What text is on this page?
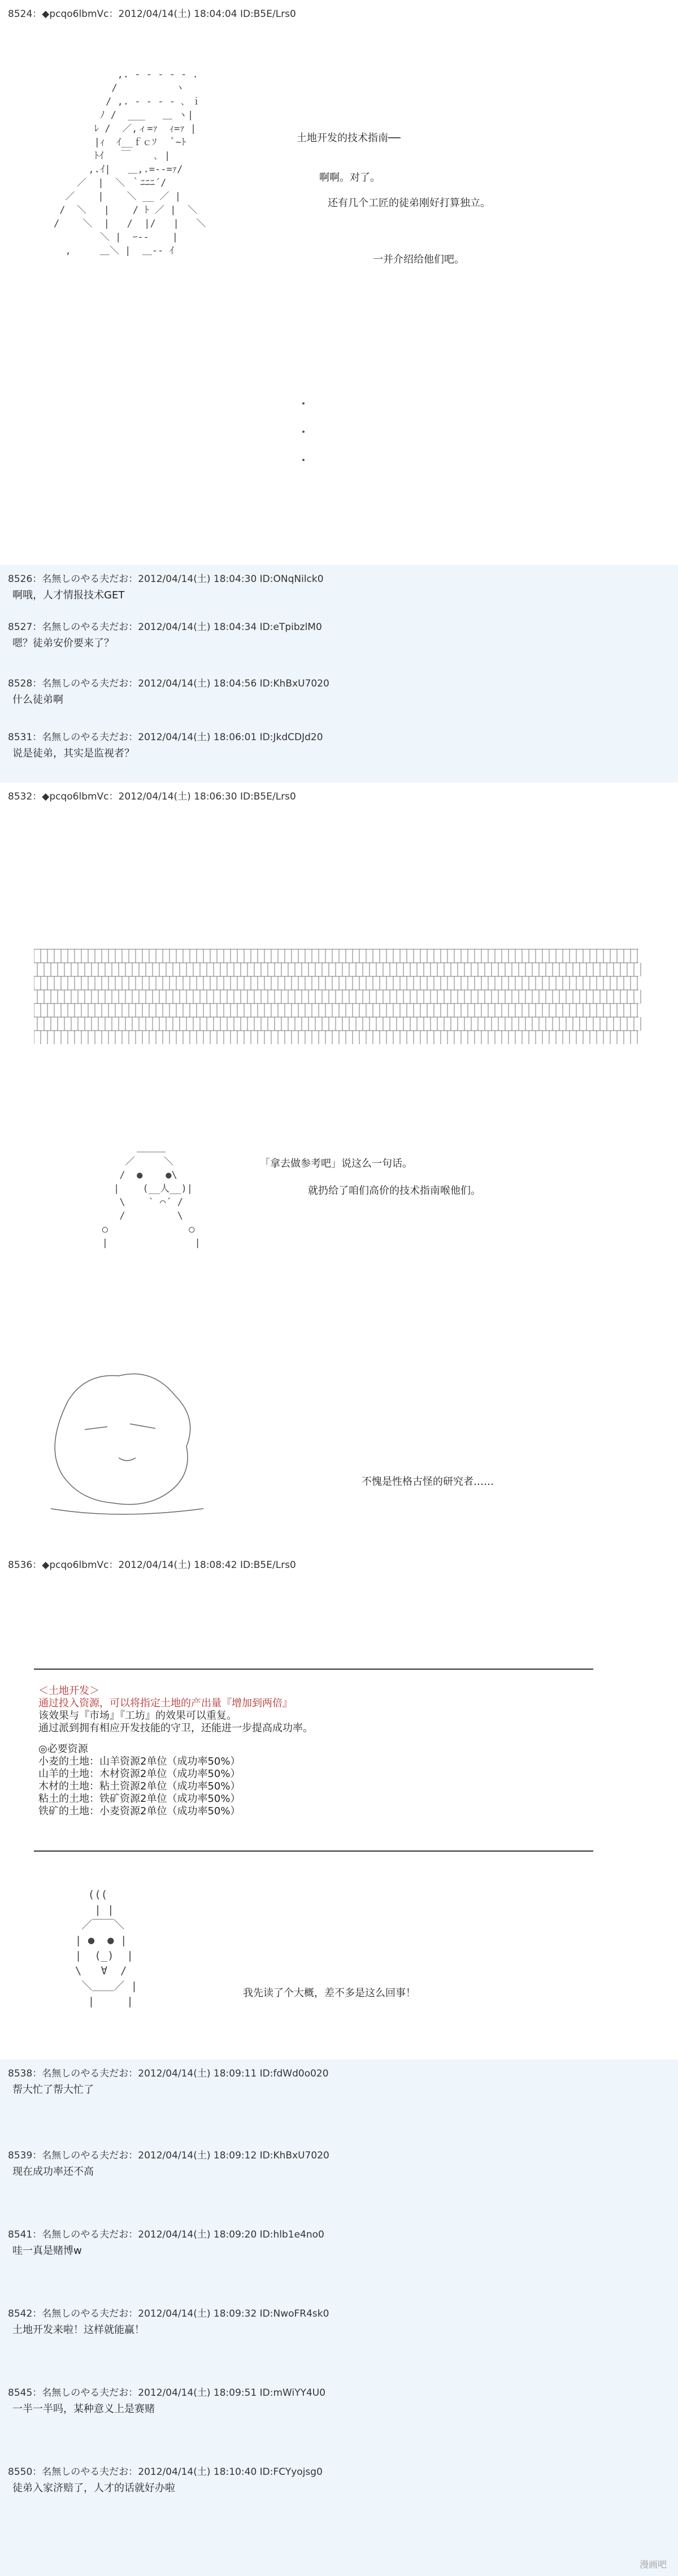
8524：◆pcqo6lbmVc：2012/04/14(土) 18:04:04 ID:B5E/Lrs0
,. ‐ ‐ ‐ ‐ - .
/          ヽ
/ ,. ‐ ‐ ‐ ‐ ､ ｉ
ﾉ /  ___   ＿ ヽ|
ﾚ /  ／,ィ=ｧ  ｨ=ｧ |
|ｨ  ｲ__ｆｃｿ   ﾟ~ﾄ
ﾄｲ   ￣    ､ |
,.ｲ|   ＿,.=‐‐=ｧ/
／  |  ＼ ｀ﾆﾆﾆ´/
／    |    ＼ __ ／ |
/  ＼   |    / ﾄ ／ |  ＼
/    ＼  |   /  |/   |   ＼
＼ |  ｰ‐-    |
,     ＿＼ |  ＿‐‐ ｲ
土地开发的技术指南──
啊啊。对了。
还有几个工匠的徒弟刚好打算独立。
一并介绍给他们吧。
8526：名無しのやる夫だお：2012/04/14(土) 18:04:30 ID:ONqNilck0
啊哦，人才情报技术GET
8527：名無しのやる夫だお：2012/04/14(土) 18:04:34 ID:eTpibzlM0
嗯？徒弟安价要来了？
8528：名無しのやる夫だお：2012/04/14(土) 18:04:56 ID:KhBxU7020
什么徒弟啊
8531：名無しのやる夫だお：2012/04/14(土) 18:06:01 ID:JkdCDJd20
说是徒弟，其实是监视者？
8532：◆pcqo6lbmVc：2012/04/14(土) 18:06:30 ID:B5E/Lrs0
＿＿＿
／     ＼
/  ●    ●\
|    (__人__)|
\    ` ⌒´ /
/         \
○              ○
|               |
「拿去做参考吧」说这么一句话。
就扔给了咱们高价的技术指南喉他们。
不愧是性格古怪的研究者……
8536：◆pcqo6lbmVc：2012/04/14(土) 18:08:42 ID:B5E/Lrs0
＜土地开发＞
通过投入资源，可以将指定土地的产出量『增加到两倍』
该效果与『市场』『工坊』的效果可以重复。
通过派到拥有相应开发技能的守卫，还能进一步提高成功率。
◎必要资源
小麦的土地：山羊资源2单位（成功率50%）
山羊的土地：木材资源2单位（成功率50%）
木材的土地：粘土资源2单位（成功率50%）
粘土的土地：铁矿资源2单位（成功率50%）
铁矿的土地：小麦资源2单位（成功率50%）
(((
| |
／￣￣＼
| ●  ● |
|  (_)  |
\   ∀  /
＼＿＿／ |
|     |
我先读了个大概，差不多是这么回事！
8538：名無しのやる夫だお：2012/04/14(土) 18:09:11 ID:fdWd0o020
帮大忙了帮大忙了
8539：名無しのやる夫だお：2012/04/14(土) 18:09:12 ID:KhBxU7020
现在成功率还不高
8541：名無しのやる夫だお：2012/04/14(土) 18:09:20 ID:hlb1e4no0
哇一真是赌博w
8542：名無しのやる夫だお：2012/04/14(土) 18:09:32 ID:NwoFR4sk0
土地开发来啦！这样就能赢！
8545：名無しのやる夫だお：2012/04/14(土) 18:09:51 ID:mWiYY4U0
一半一半吗，某种意义上是赛赌
8550：名無しのやる夫だお：2012/04/14(土) 18:10:40 ID:FCYyojsg0
徒弟入家济赔了，人才的话就好办啦
漫画吧
